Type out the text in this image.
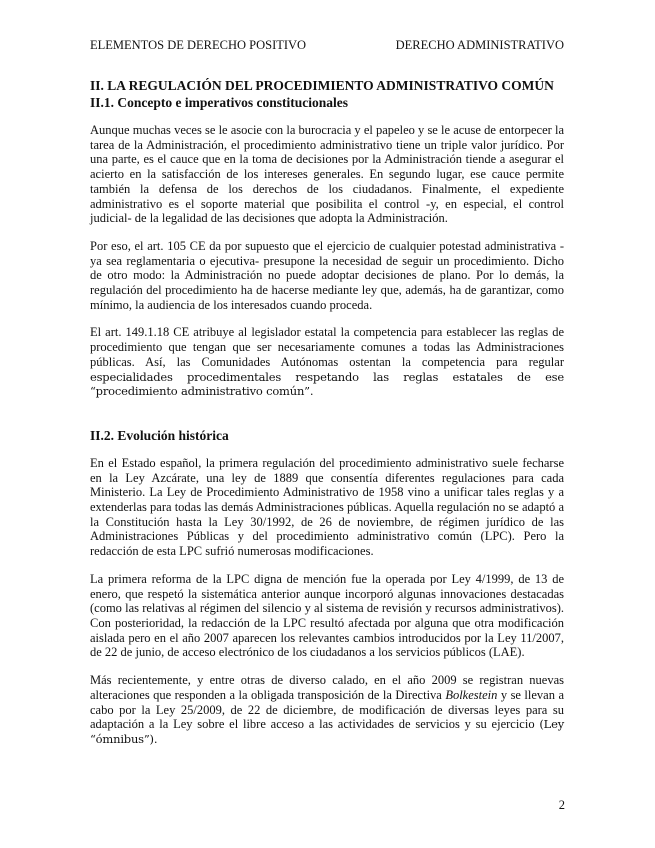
ELEMENTOS DE DERECHO POSITIVO	DERECHO ADMINISTRATIVO
II. LA REGULACIÓN DEL PROCEDIMIENTO ADMINISTRATIVO COMÚN
II.1. Concepto e imperativos constitucionales

Aunque muchas veces se le asocie con la burocracia y el papeleo y se le acuse de entorpecer la tarea de la Administración, el procedimiento administrativo tiene un triple valor jurídico. Por una parte, es el cauce que en la toma de decisiones por la Administración tiende a asegurar el acierto en la satisfacción de los intereses generales. En segundo lugar, ese cauce permite también la defensa de los derechos de los ciudadanos. Finalmente, el expediente administrativo es el soporte material que posibilita el control -y, en especial, el control judicial- de la legalidad de las decisiones que adopta la Administración.

Por eso, el art. 105 CE da por supuesto que el ejercicio de cualquier potestad administrativa -ya sea reglamentaria o ejecutiva- presupone la necesidad de seguir un procedimiento. Dicho de otro modo: la Administración no puede adoptar decisiones de plano. Por lo demás, la regulación del procedimiento ha de hacerse mediante ley que, además, ha de garantizar, como mínimo, la audiencia de los interesados cuando proceda.

El art. 149.1.18 CE atribuye al legislador estatal la competencia para establecer las reglas de procedimiento que tengan que ser necesariamente comunes a todas las Administraciones públicas. Así, las Comunidades Autónomas ostentan la competencia para regular especialidades procedimentales respetando las reglas estatales de ese “procedimiento administrativo común”.

II.2. Evolución histórica

En el Estado español, la primera regulación del procedimiento administrativo suele fecharse en la Ley Azcárate, una ley de 1889 que consentía diferentes regulaciones para cada Ministerio. La Ley de Procedimiento Administrativo de 1958 vino a unificar tales reglas y a extenderlas para todas las demás Administraciones públicas. Aquella regulación no se adaptó a la Constitución hasta la Ley 30/1992, de 26 de noviembre, de régimen jurídico de las Administraciones Públicas y del procedimiento administrativo común (LPC). Pero la redacción de esta LPC sufrió numerosas modificaciones.

La primera reforma de la LPC digna de mención fue la operada por Ley 4/1999, de 13 de enero, que respetó la sistemática anterior aunque incorporó algunas innovaciones destacadas (como las relativas al régimen del silencio y al sistema de revisión y recursos administrativos). Con posterioridad, la redacción de la LPC resultó afectada por alguna que otra modificación aislada pero en el año 2007 aparecen los relevantes cambios introducidos por la Ley 11/2007, de 22 de junio, de acceso electrónico de los ciudadanos a los servicios públicos (LAE).

Más recientemente, y entre otras de diverso calado, en el año 2009 se registran nuevas alteraciones que responden a la obligada transposición de la Directiva Bolkestein y se llevan a cabo por la Ley 25/2009, de 22 de diciembre, de modificación de diversas leyes para su adaptación a la Ley sobre el libre acceso a las actividades de servicios y su ejercicio (Ley “ómnibus”).

2
